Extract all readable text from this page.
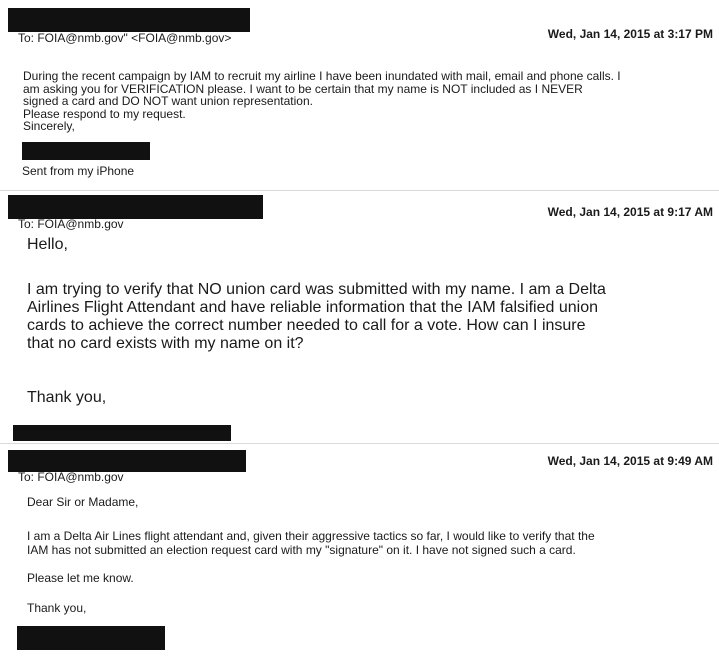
To: FOIA@nmb.gov" <FOIA@nmb.gov>	Wed, Jan 14, 2015 at 3:17 PM
During the recent campaign by IAM to recruit my airline I have been inundated with mail, email and phone calls. I
am asking you for VERIFICATION please. I want to be certain that my name is NOT included as I NEVER
signed a card and DO NOT want union representation.
Please respond to my request.
Sincerely,
Sent from my iPhone
To: FOIA@nmb.gov
Wed, Jan 14, 2015 at 9:17 AM
Hello,
I am trying to verify that NO union card was submitted with my name. I am a Delta
Airlines Flight Attendant and have reliable information that the IAM falsified union
cards to achieve the correct number needed to call for a vote. How can I insure
that no card exists with my name on it?
Thank you,
To: FOIA@nmb.gov
Wed, Jan 14, 2015 at 9:49 AM
Dear Sir or Madame,
I am a Delta Air Lines flight attendant and, given their aggressive tactics so far, I would like to verify that the
IAM has not submitted an election request card with my "signature" on it. I have not signed such a card.
Please let me know.
Thank you,
